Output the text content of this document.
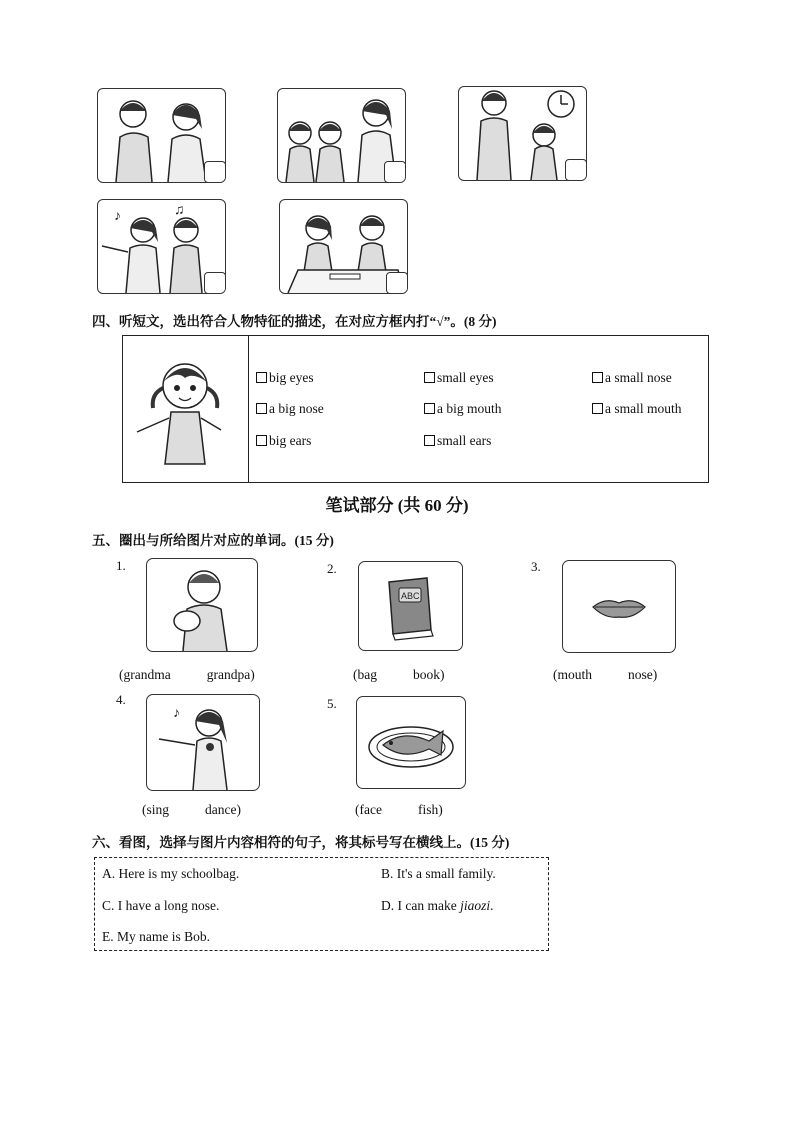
♪	♫
四、听短文，选出符合人物特征的描述，在对应方框内打“√”。(8 分)
big eyes	small eyes	a small nose
a big nose	a big mouth	a small mouth
big ears	small ears
笔试部分 (共 60 分)
五、圈出与所给图片对应的单词。(15 分)
1.
(grandma	grandpa)
2.
ABC
(bag	book)
3.
(mouth	nose)
4.
♪
(sing	dance)
5.
(face	fish)
六、看图，选择与图片内容相符的句子，将其标号写在横线上。(15 分)
A. Here is my schoolbag.	B. It's a small family.
C. I have a long nose.	D. I can make jiaozi.
E. My name is Bob.
